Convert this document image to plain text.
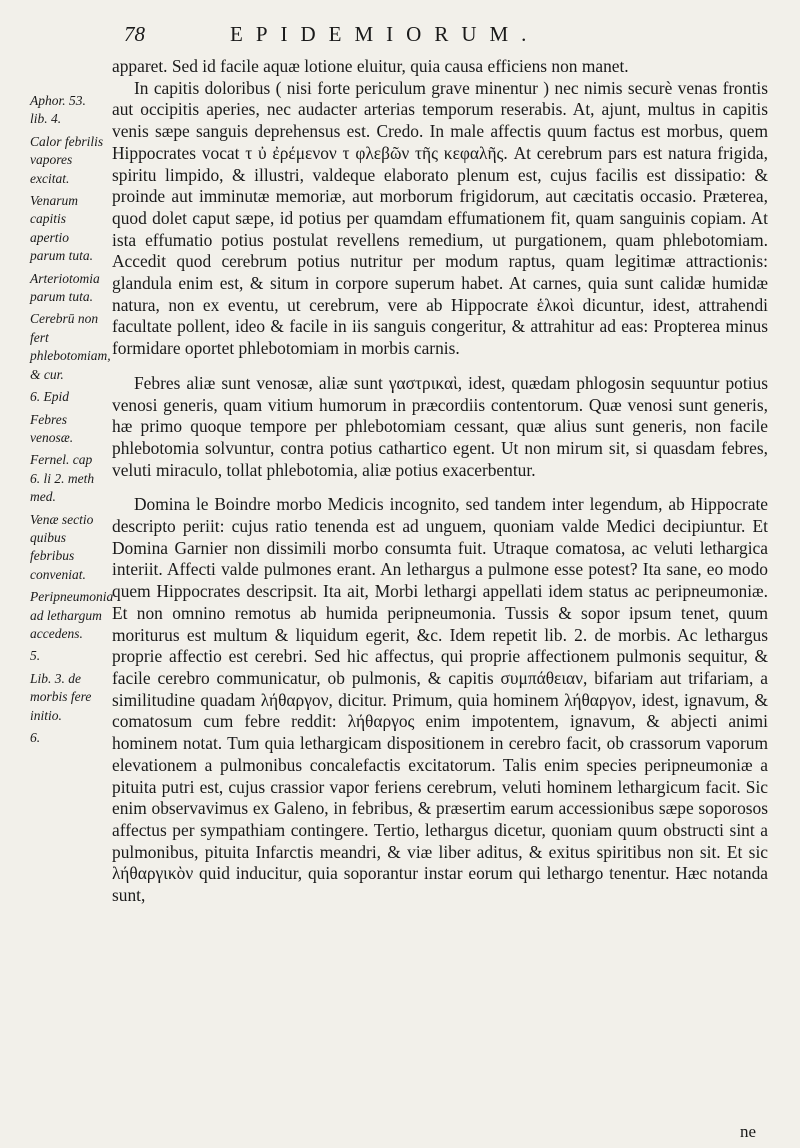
78	EPIDEMIORUM.

Aphor. 53. lib. 4.

Calor febrilis vapores excitat.

Venarum capitis apertio parum tuta.

Arteriotomia parum tuta.

Cerebrū non fert phlebotomiam, & cur.

6. Epid

Febres venosæ.

Fernel. cap 6. li 2. meth med.

Venæ sectio quibus febribus conveniat.

Peripneumonia ad lethargum accedens.

5.

Lib. 3. de morbis fere initio.

6.

apparet. Sed id facile aquæ lotione eluitur, quia causa efficiens non manet.

In capitis doloribus ( nisi forte periculum grave minentur ) nec nimis securè venas frontis aut occipitis aperies, nec audacter arterias temporum reserabis. At, ajunt, multus in capitis venis sæpe sanguis deprehensus est. Credo. In male affectis quum factus est morbus, quem Hippocrates vocat τ ὐ ἐρέμενον τ φλεβῶν τῆς κεφαλῆς. At cerebrum pars est natura frigida, spiritu limpido, & illustri, valdeque elaborato plenum est, cujus facilis est dissipatio: & proinde aut imminutæ memoriæ, aut morborum frigidorum, aut cæcitatis occasio. Præterea, quod dolet caput sæpe, id potius per quamdam effumationem fit, quam sanguinis copiam. At ista effumatio potius postulat revellens remedium, ut purgationem, quam phlebotomiam. Accedit quod cerebrum potius nutritur per modum raptus, quam legitimæ attractionis: glandula enim est, & situm in corpore superum habet. At carnes, quia sunt calidæ humidæ natura, non ex eventu, ut cerebrum, vere ab Hippocrate ἑλκοὶ dicuntur, idest, attrahendi facultate pollent, ideo & facile in iis sanguis congeritur, & attrahitur ad eas: Propterea minus formidare oportet phlebotomiam in morbis carnis.

Febres aliæ sunt venosæ, aliæ sunt γαστρικαὶ, idest, quædam phlogosin sequuntur potius venosi generis, quam vitium humorum in præcordiis contentorum. Quæ venosi sunt generis, hæ primo quoque tempore per phlebotomiam cessant, quæ alius sunt generis, non facile phlebotomia solvuntur, contra potius cathartico egent. Ut non mirum sit, si quasdam febres, veluti miraculo, tollat phlebotomia, aliæ potius exacerbentur.

Domina le Boindre morbo Medicis incognito, sed tandem inter legendum, ab Hippocrate descripto periit: cujus ratio tenenda est ad unguem, quoniam valde Medici decipiuntur. Et Domina Garnier non dissimili morbo consumta fuit. Utraque comatosa, ac veluti lethargica interiit. Affecti valde pulmones erant. An lethargus a pulmone esse potest? Ita sane, eo modo quem Hippocrates descripsit. Ita ait, Morbi lethargi appellati idem status ac peripneumoniæ. Et non omnino remotus ab humida peripneumonia. Tussis & sopor ipsum tenet, quum moriturus est multum & liquidum egerit, &c. Idem repetit lib. 2. de morbis. Ac lethargus proprie affectio est cerebri. Sed hic affectus, qui proprie affectionem pulmonis sequitur, & facile cerebro communicatur, ob pulmonis, & capitis συμπάθειαν, bifariam aut trifariam, a similitudine quadam λήθαργον, dicitur. Primum, quia hominem λήθαργον, idest, ignavum, & comatosum cum febre reddit: λήθαργος enim impotentem, ignavum, & abjecti animi hominem notat. Tum quia lethargicam dispositionem in cerebro facit, ob crassorum vaporum elevationem a pulmonibus concalefactis excitatorum. Talis enim species peripneumoniæ a pituita putri est, cujus crassior vapor feriens cerebrum, veluti hominem lethargicum facit. Sic enim observavimus ex Galeno, in febribus, & præsertim earum accessionibus sæpe soporosos affectus per sympathiam contingere. Tertio, lethargus dicetur, quoniam quum obstructi sint a pulmonibus, pituita Infarctis meandri, & viæ liber aditus, & exitus spiritibus non sit. Et sic λήθαργικὸν quid inducitur, quia soporantur instar eorum qui lethargo tenentur. Hæc notanda sunt,

ne
